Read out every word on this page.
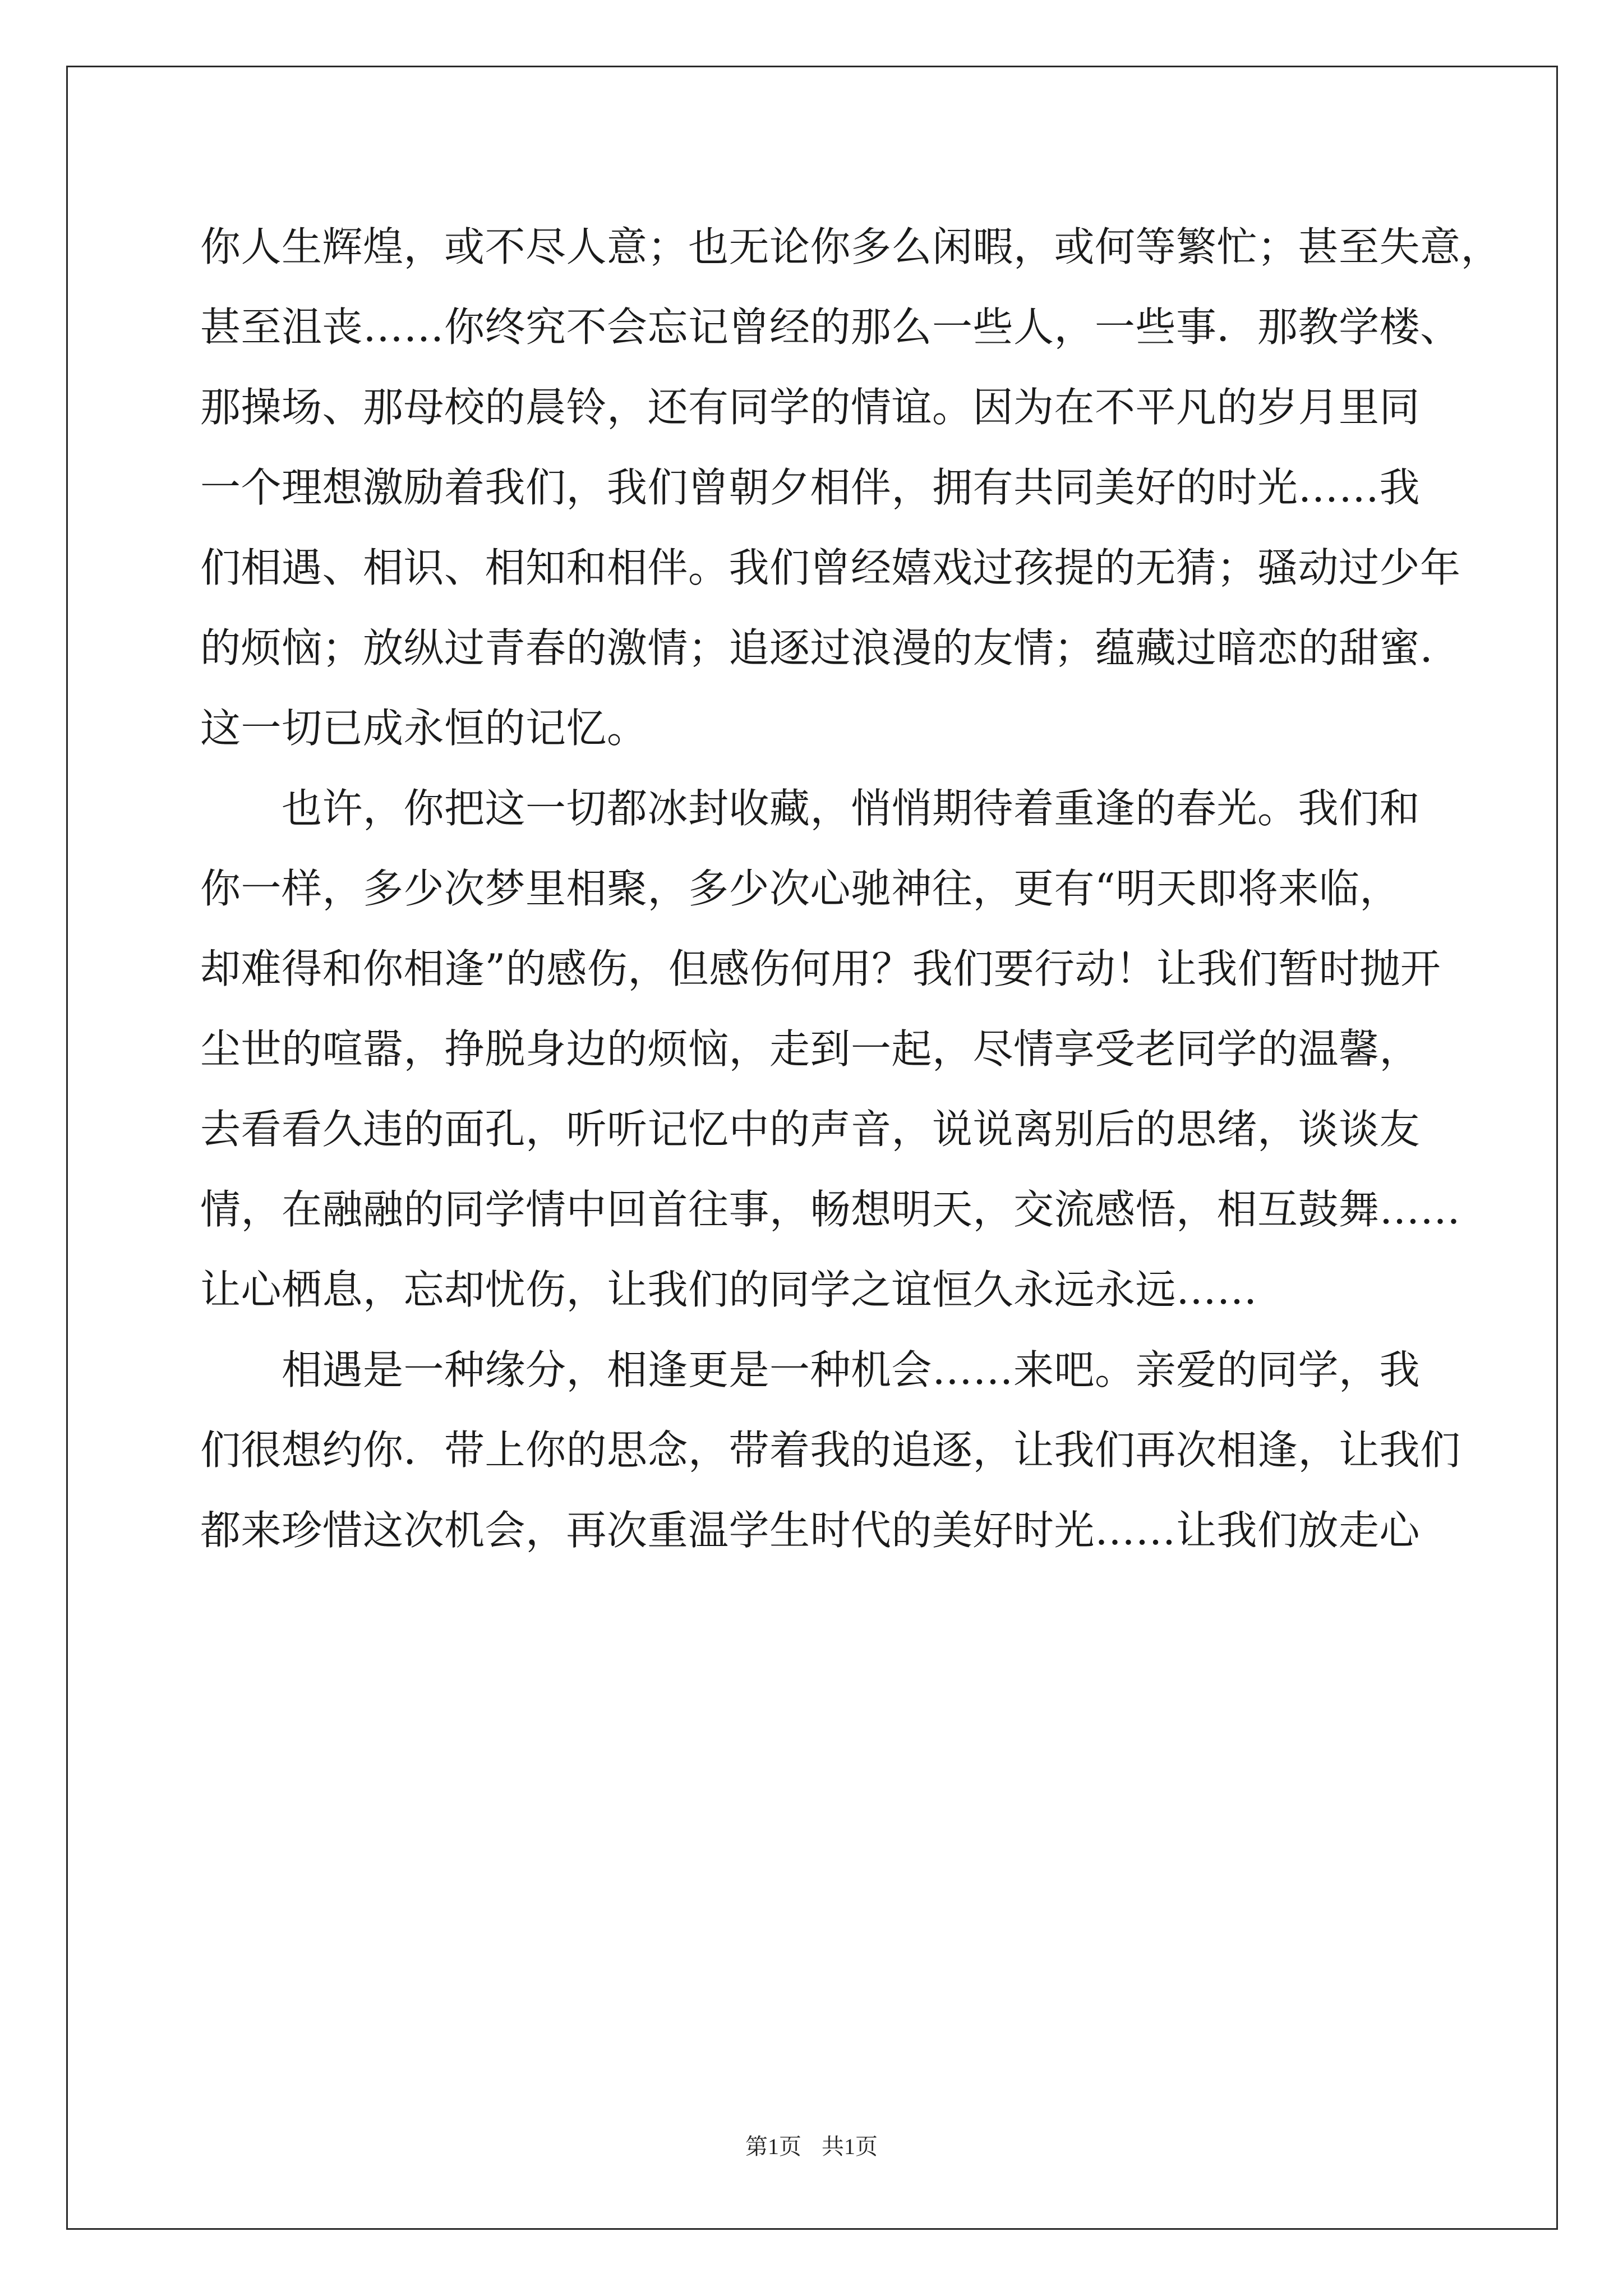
你人生辉煌，或不尽人意；也无论你多么闲暇，或何等繁忙；甚至失意，
甚至沮丧……你终究不会忘记曾经的那么一些人，一些事．那教学楼、
那操场、那母校的晨铃，还有同学的情谊。因为在不平凡的岁月里同
一个理想激励着我们，我们曾朝夕相伴，拥有共同美好的时光……我
们相遇、相识、相知和相伴。我们曾经嬉戏过孩提的无猜；骚动过少年
的烦恼；放纵过青春的激情；追逐过浪漫的友情；蕴藏过暗恋的甜蜜．
这一切已成永恒的记忆。
　　也许，你把这一切都冰封收藏，悄悄期待着重逢的春光。我们和
你一样，多少次梦里相聚，多少次心驰神往，更有“明天即将来临，
却难得和你相逢”的感伤，但感伤何用？我们要行动！让我们暂时抛开
尘世的喧嚣，挣脱身边的烦恼，走到一起，尽情享受老同学的温馨，
去看看久违的面孔，听听记忆中的声音，说说离别后的思绪，谈谈友
情，在融融的同学情中回首往事，畅想明天，交流感悟，相互鼓舞……
让心栖息，忘却忧伤，让我们的同学之谊恒久永远永远……
　　相遇是一种缘分，相逢更是一种机会……来吧。亲爱的同学，我
们很想约你．带上你的思念，带着我的追逐，让我们再次相逢，让我们
都来珍惜这次机会，再次重温学生时代的美好时光……让我们放走心
第1页 共1页
